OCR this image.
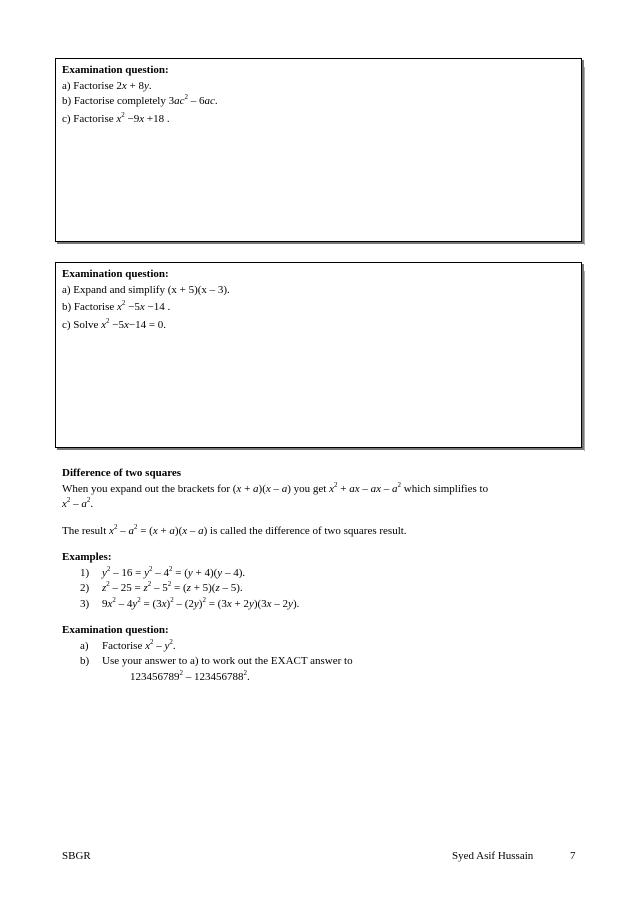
Examination question:
a) Factorise 2x + 8y.
b) Factorise completely $3ac^2 - 6ac$.
c) Factorise $x^2 -9x +18$ .
Examination question:
a) Expand and simplify (x + 5)(x – 3).
b) Factorise $x^2 -5x -14$ .
c) Solve $x^2 -5x-14 = 0$.
Difference of two squares
When you expand out the brackets for (x + a)(x – a) you get $x^2$ + ax – ax – $a^2$ which simplifies to
$x^2 - a^2$.
The result $x^2 - a^2 = (x + a)(x - a)$ is called the difference of two squares result.
Examples:
1)	$y^2 - 16 = y^2 - 4^2 = (y + 4)(y - 4)$.
2)	$z^2 - 25 = z^2 - 5^2 = (z + 5)(z - 5)$.
3)	$9x^2 - 4y^2 = (3x)^2 - (2y)^2 = (3x + 2y)(3x - 2y)$.
Examination question:
a)	Factorise $x^2 - y^2$.
b)	Use your answer to a) to work out the EXACT answer to
123456789$^2$ – 123456788$^2$.
SBGR	Syed Asif Hussain	7
